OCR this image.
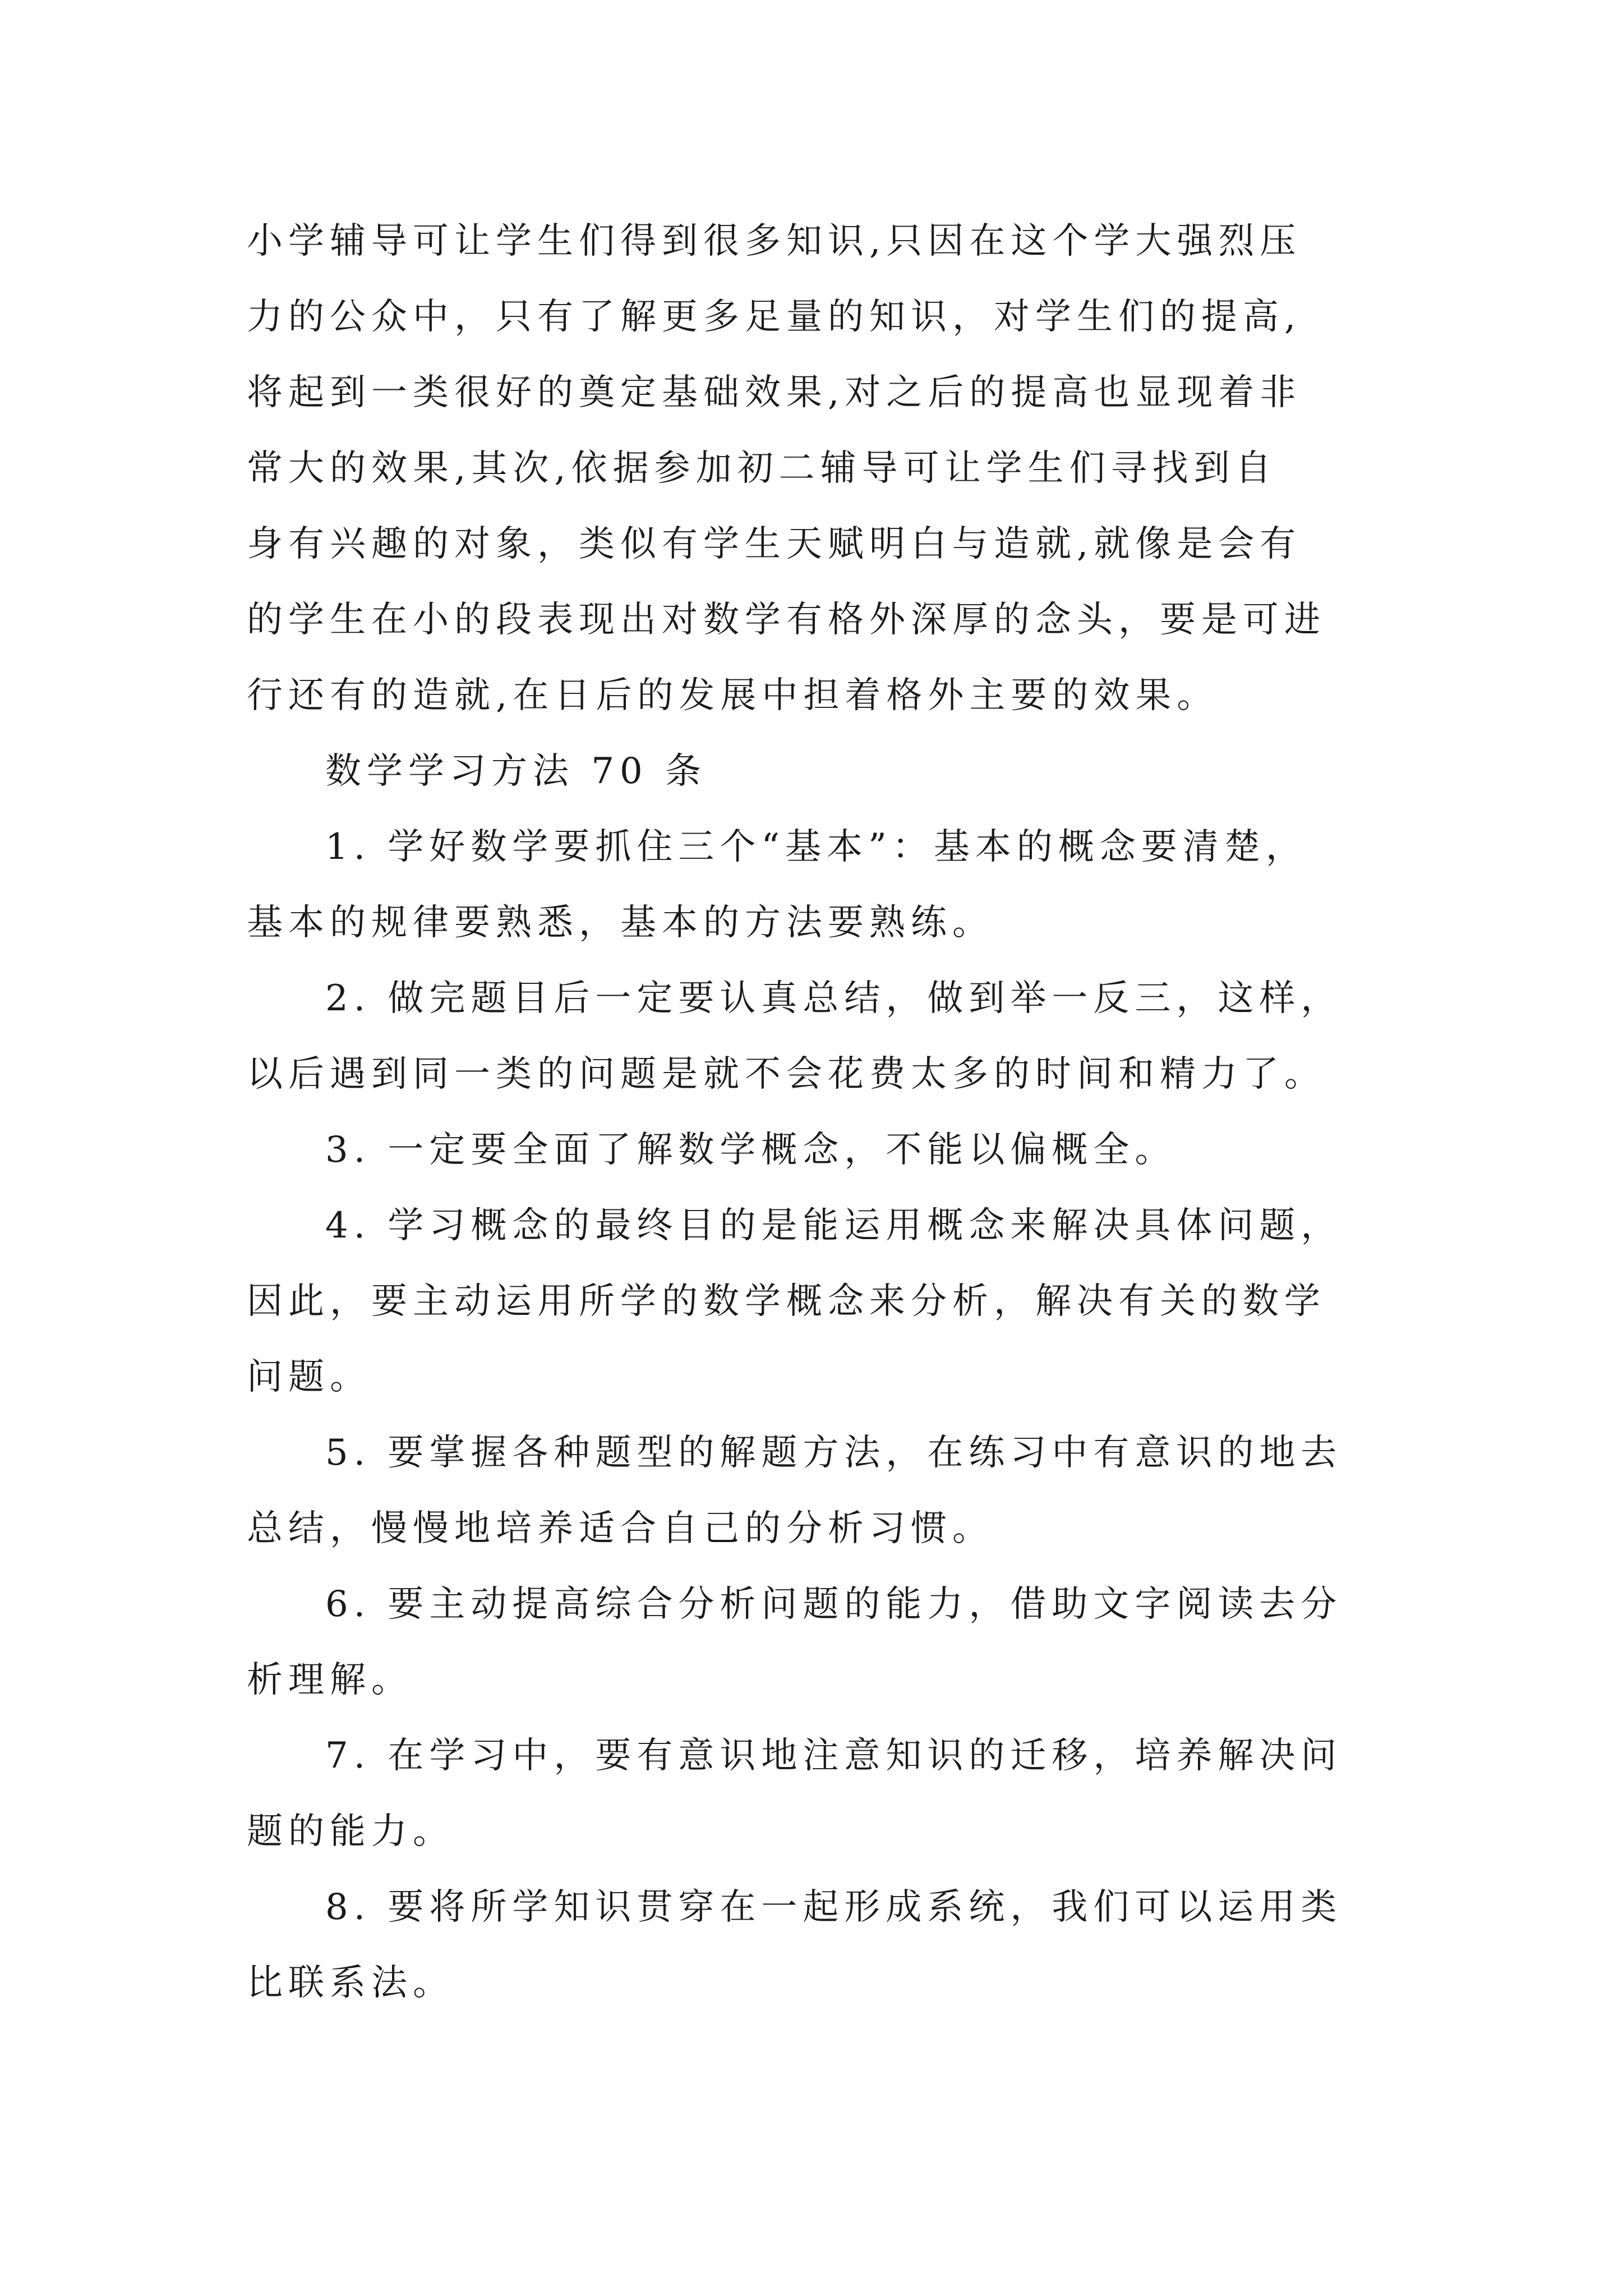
小学辅导可让学生们得到很多知识,只因在这个学大强烈压
力的公众中，只有了解更多足量的知识，对学生们的提高,
将起到一类很好的奠定基础效果,对之后的提高也显现着非
常大的效果,其次,依据参加初二辅导可让学生们寻找到自
身有兴趣的对象，类似有学生天赋明白与造就,就像是会有
的学生在小的段表现出对数学有格外深厚的念头，要是可进
行还有的造就,在日后的发展中担着格外主要的效果。
数学学习方法 70 条
1. 学好数学要抓住三个“基本”：基本的概念要清楚，
基本的规律要熟悉，基本的方法要熟练。
2. 做完题目后一定要认真总结，做到举一反三，这样，
以后遇到同一类的问题是就不会花费太多的时间和精力了。
3. 一定要全面了解数学概念，不能以偏概全。
4. 学习概念的最终目的是能运用概念来解决具体问题，
因此，要主动运用所学的数学概念来分析，解决有关的数学
问题。
5. 要掌握各种题型的解题方法，在练习中有意识的地去
总结，慢慢地培养适合自己的分析习惯。
6. 要主动提高综合分析问题的能力，借助文字阅读去分
析理解。
7. 在学习中，要有意识地注意知识的迁移，培养解决问
题的能力。
8. 要将所学知识贯穿在一起形成系统，我们可以运用类
比联系法。
